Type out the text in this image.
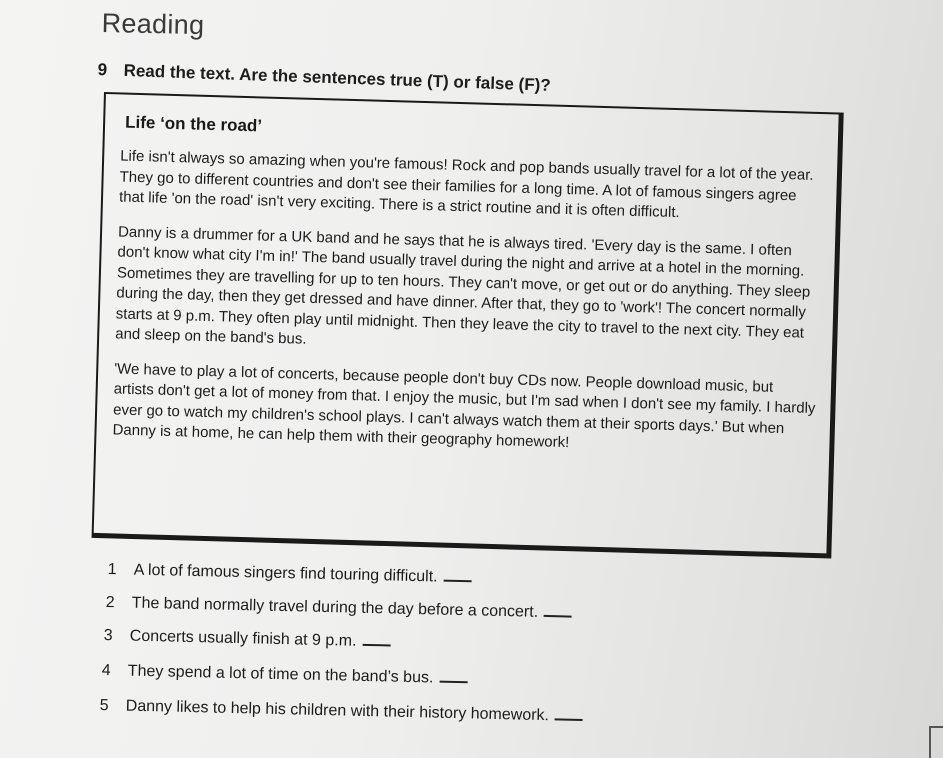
Reading
9 Read the text. Are the sentences true (T) or false (F)?
Life ‘on the road’

Life isn't always so amazing when you're famous! Rock and pop bands usually travel for a lot of the year. They go to different countries and don't see their families for a long time. A lot of famous singers agree that life 'on the road' isn't very exciting. There is a strict routine and it is often difficult.

Danny is a drummer for a UK band and he says that he is always tired. 'Every day is the same. I often don't know what city I'm in!' The band usually travel during the night and arrive at a hotel in the morning. Sometimes they are travelling for up to ten hours. They can't move, or get out or do anything. They sleep during the day, then they get dressed and have dinner. After that, they go to 'work'! The concert normally starts at 9 p.m. They often play until midnight. Then they leave the city to travel to the next city. They eat and sleep on the band's bus.

'We have to play a lot of concerts, because people don't buy CDs now. People download music, but artists don't get a lot of money from that. I enjoy the music, but I'm sad when I don't see my family. I hardly ever go to watch my children's school plays. I can't always watch them at their sports days.' But when Danny is at home, he can help them with their geography homework!

1 A lot of famous singers find touring difficult.
2 The band normally travel during the day before a concert.
3 Concerts usually finish at 9 p.m.
4 They spend a lot of time on the band’s bus.
5 Danny likes to help his children with their history homework.
